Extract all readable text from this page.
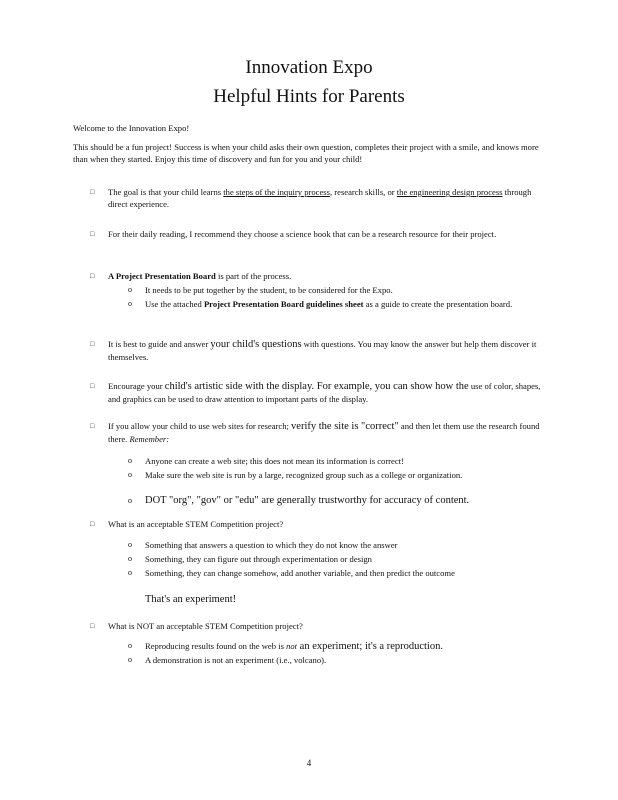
Innovation Expo
Helpful Hints for Parents
Welcome to the Innovation Expo!
This should be a fun project! Success is when your child asks their own question, completes their project with a smile, and knows more than when they started. Enjoy this time of discovery and fun for you and your child!
□	The goal is that your child learns the steps of the inquiry process, research skills, or the engineering design process through direct experience.
□	For their daily reading, I recommend they choose a science book that can be a research resource for their project.
□	A Project Presentation Board is part of the process.
o It needs to be put together by the student, to be considered for the Expo.
o Use the attached Project Presentation Board guidelines sheet as a guide to create the presentation board.
□	It is best to guide and answer your child's questions with questions. You may know the answer but help them discover it themselves.
□	Encourage your child's artistic side with the display. For example, you can show how the use of color, shapes, and graphics can be used to draw attention to important parts of the display.
□	If you allow your child to use web sites for research; verify the site is "correct" and then let them use the research found there. Remember:
o Anyone can create a web site; this does not mean its information is correct!
o Make sure the web site is run by a large, recognized group such as a college or organization.
o DOT "org", "gov" or "edu" are generally trustworthy for accuracy of content.
□	What is an acceptable STEM Competition project?
o Something that answers a question to which they do not know the answer
o Something, they can figure out through experimentation or design
o Something, they can change somehow, add another variable, and then predict the outcome
That's an experiment!
□	What is NOT an acceptable STEM Competition project?
o Reproducing results found on the web is not an experiment; it's a reproduction.
o A demonstration is not an experiment (i.e., volcano).
4
